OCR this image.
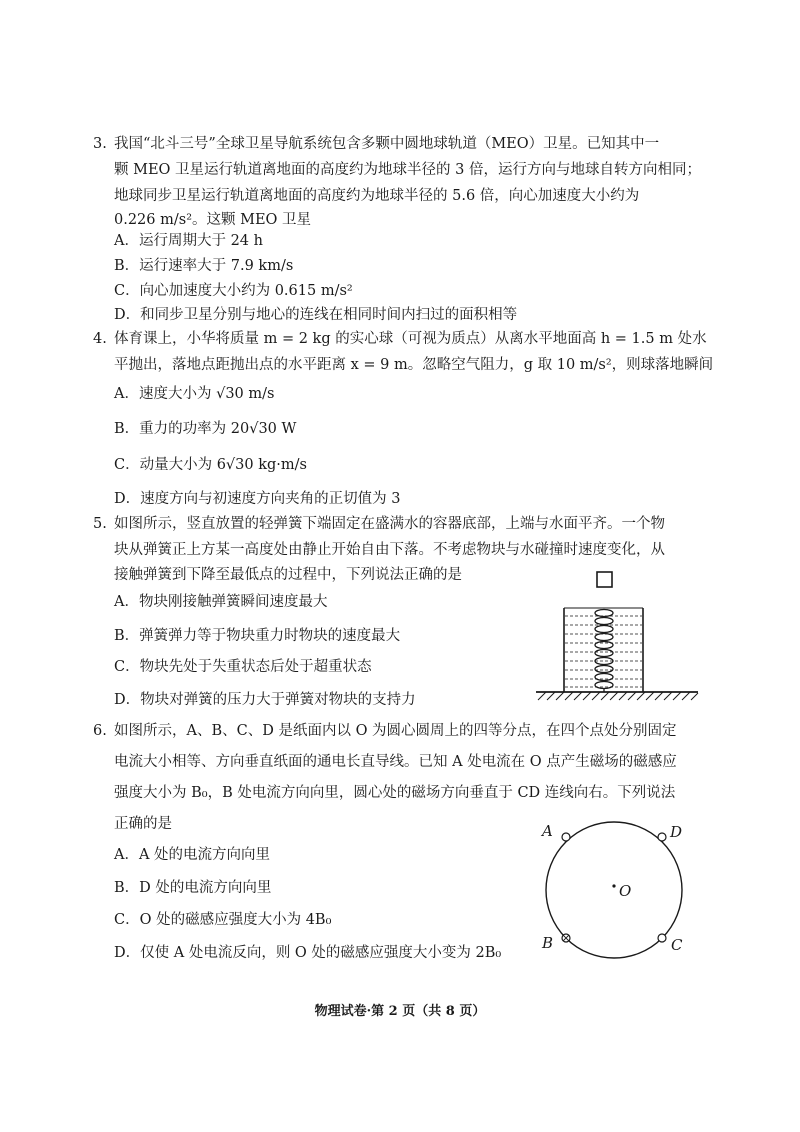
3. 我国“北斗三号”全球卫星导航系统包含多颗中圆地球轨道（MEO）卫星。已知其中一
颗 MEO 卫星运行轨道离地面的高度约为地球半径的 3 倍，运行方向与地球自转方向相同；
地球同步卫星运行轨道离地面的高度约为地球半径的 5.6 倍，向心加速度大小约为
0.226 m/s²。这颗 MEO 卫星
A．运行周期大于 24 h
B．运行速率大于 7.9 km/s
C．向心加速度大小约为 0.615 m/s²
D．和同步卫星分别与地心的连线在相同时间内扫过的面积相等
4. 体育课上，小华将质量 m = 2 kg 的实心球（可视为质点）从离水平地面高 h = 1.5 m 处水
平抛出，落地点距抛出点的水平距离 x = 9 m。忽略空气阻力，g 取 10 m/s²，则球落地瞬间
A．速度大小为 √30 m/s
B．重力的功率为 20√30 W
C．动量大小为 6√30 kg·m/s
D．速度方向与初速度方向夹角的正切值为 3
5. 如图所示，竖直放置的轻弹簧下端固定在盛满水的容器底部，上端与水面平齐。一个物
块从弹簧正上方某一高度处由静止开始自由下落。不考虑物块与水碰撞时速度变化，从
接触弹簧到下降至最低点的过程中，下列说法正确的是
A．物块刚接触弹簧瞬间速度最大
B．弹簧弹力等于物块重力时物块的速度最大
C．物块先处于失重状态后处于超重状态
D．物块对弹簧的压力大于弹簧对物块的支持力
6. 如图所示，A、B、C、D 是纸面内以 O 为圆心圆周上的四等分点，在四个点处分别固定
电流大小相等、方向垂直纸面的通电长直导线。已知 A 处电流在 O 点产生磁场的磁感应
强度大小为 B₀，B 处电流方向向里，圆心处的磁场方向垂直于 CD 连线向右。下列说法
正确的是
A．A 处的电流方向向里
B．D 处的电流方向向里
C．O 处的磁感应强度大小为 4B₀
D．仅使 A 处电流反向，则 O 处的磁感应强度大小变为 2B₀
A	D
O
B	C
物理试卷·第 2 页（共 8 页）
